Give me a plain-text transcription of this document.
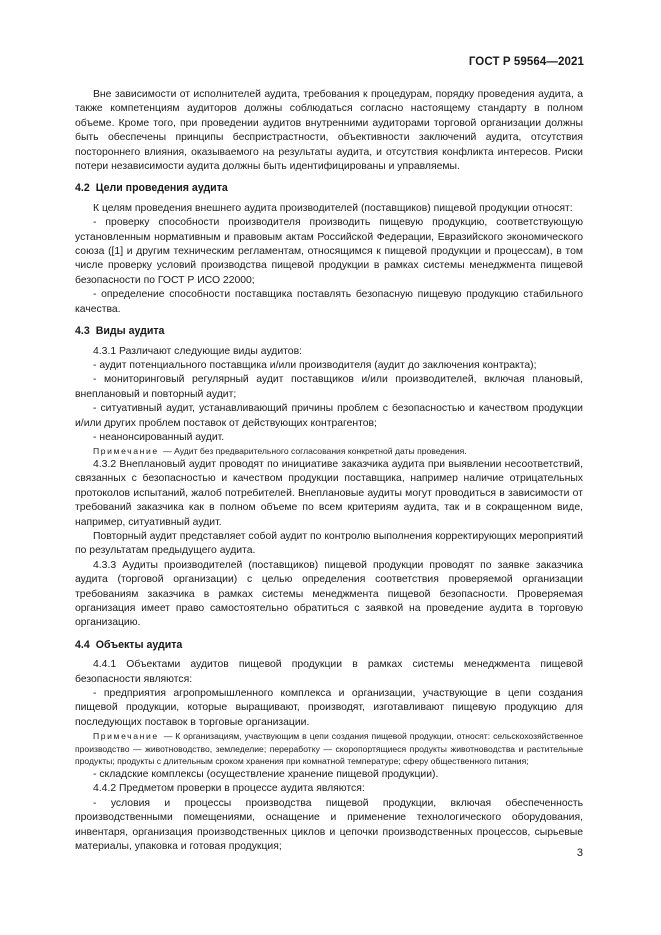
ГОСТ Р 59564—2021

Вне зависимости от исполнителей аудита, требования к процедурам, порядку проведения аудита, а также компетенциям аудиторов должны соблюдаться согласно настоящему стандарту в полном объеме. Кроме того, при проведении аудитов внутренними аудиторами торговой организации должны быть обеспечены принципы беспристрастности, объективности заключений аудита, отсутствия постороннего влияния, оказываемого на результаты аудита, и отсутствия конфликта интересов. Риски потери независимости аудита должны быть идентифицированы и управляемы.

4.2 Цели проведения аудита

К целям проведения внешнего аудита производителей (поставщиков) пищевой продукции относят:

- проверку способности производителя производить пищевую продукцию, соответствующую установленным нормативным и правовым актам Российской Федерации, Евразийского экономического союза ([1] и другим техническим регламентам, относящимся к пищевой продукции и процессам), в том числе проверку условий производства пищевой продукции в рамках системы менеджмента пищевой безопасности по ГОСТ Р ИСО 22000;

- определение способности поставщика поставлять безопасную пищевую продукцию стабильного качества.

4.3 Виды аудита

4.3.1 Различают следующие виды аудитов:

- аудит потенциального поставщика и/или производителя (аудит до заключения контракта);

- мониторинговый регулярный аудит поставщиков и/или производителей, включая плановый, внеплановый и повторный аудит;

- ситуативный аудит, устанавливающий причины проблем с безопасностью и качеством продукции и/или других проблем поставок от действующих контрагентов;

- неанонсированный аудит.

Примечание — Аудит без предварительного согласования конкретной даты проведения.

4.3.2 Внеплановый аудит проводят по инициативе заказчика аудита при выявлении несоответствий, связанных с безопасностью и качеством продукции поставщика, например наличие отрицательных протоколов испытаний, жалоб потребителей. Внеплановые аудиты могут проводиться в зависимости от требований заказчика как в полном объеме по всем критериям аудита, так и в сокращенном виде, например, ситуативный аудит.

Повторный аудит представляет собой аудит по контролю выполнения корректирующих мероприятий по результатам предыдущего аудита.

4.3.3 Аудиты производителей (поставщиков) пищевой продукции проводят по заявке заказчика аудита (торговой организации) с целью определения соответствия проверяемой организации требованиям заказчика в рамках системы менеджмента пищевой безопасности. Проверяемая организация имеет право самостоятельно обратиться с заявкой на проведение аудита в торговую организацию.

4.4 Объекты аудита

4.4.1 Объектами аудитов пищевой продукции в рамках системы менеджмента пищевой безопасности являются:

- предприятия агропромышленного комплекса и организации, участвующие в цепи создания пищевой продукции, которые выращивают, производят, изготавливают пищевую продукцию для последующих поставок в торговые организации.

Примечание — К организациям, участвующим в цепи создания пищевой продукции, относят: сельскохозяйственное производство — животноводство, земледелие; переработку — скоропортящиеся продукты животноводства и растительные продукты; продукты с длительным сроком хранения при комнатной температуре; сферу общественного питания;

- складские комплексы (осуществление хранение пищевой продукции).

4.4.2 Предметом проверки в процессе аудита являются:

- условия и процессы производства пищевой продукции, включая обеспеченность производственными помещениями, оснащение и применение технологического оборудования, инвентаря, организация производственных циклов и цепочки производственных процессов, сырьевые материалы, упаковка и готовая продукция;

3
